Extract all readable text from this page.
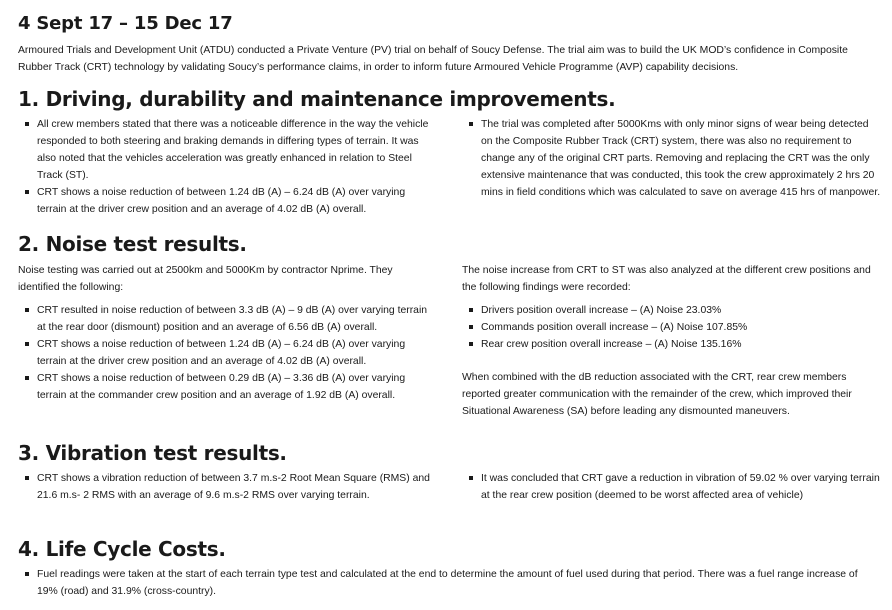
4 Sept 17 – 15 Dec 17

Armoured Trials and Development Unit (ATDU) conducted a Private Venture (PV) trial on behalf of Soucy Defense. The trial aim was to build the UK MOD’s confidence in Composite Rubber Track (CRT) technology by validating Soucy’s performance claims, in order to inform future Armoured Vehicle Programme (AVP) capability decisions.

1. Driving, durability and maintenance improvements.
All crew members stated that there was a noticeable difference in the way the vehicle responded to both steering and braking demands in differing types of terrain. It was also noted that the vehicles acceleration was greatly enhanced in relation to Steel Track (ST).
CRT shows a noise reduction of between 1.24 dB (A) – 6.24 dB (A) over varying terrain at the driver crew position and an average of 4.02 dB (A) overall.
The trial was completed after 5000Kms with only minor signs of wear being detected on the Composite Rubber Track (CRT) system, there was also no requirement to change any of the original CRT parts. Removing and replacing the CRT was the only extensive maintenance that was conducted, this took the crew approximately 2 hrs 20 mins in field conditions which was calculated to save on average 415 hrs of manpower.
2. Noise test results.

Noise testing was carried out at 2500km and 5000Km by contractor Nprime. They identified the following:

CRT resulted in noise reduction of between 3.3 dB (A) – 9 dB (A) over varying terrain at the rear door (dismount) position and an average of 6.56 dB (A) overall.
CRT shows a noise reduction of between 1.24 dB (A) – 6.24 dB (A) over varying terrain at the driver crew position and an average of 4.02 dB (A) overall.
CRT shows a noise reduction of between 0.29 dB (A) – 3.36 dB (A) over varying terrain at the commander crew position and an average of 1.92 dB (A) overall.

The noise increase from CRT to ST was also analyzed at the different crew positions and the following findings were recorded:

Drivers position overall increase – (A) Noise 23.03%
Commands position overall increase – (A) Noise 107.85%
Rear crew position overall increase – (A) Noise 135.16%

When combined with the dB reduction associated with the CRT, rear crew members reported greater communication with the remainder of the crew, which improved their Situational Awareness (SA) before leading any dismounted maneuvers.

3. Vibration test results.
CRT shows a vibration reduction of between 3.7 m.s-2 Root Mean Square (RMS) and 21.6 m.s- 2 RMS with an average of 9.6 m.s-2 RMS over varying terrain.
It was concluded that CRT gave a reduction in vibration of 59.02 % over varying terrain at the rear crew position (deemed to be worst affected area of vehicle)
4. Life Cycle Costs.
Fuel readings were taken at the start of each terrain type test and calculated at the end to determine the amount of fuel used during that period. There was a fuel range increase of 19% (road) and 31.9% (cross-country).
